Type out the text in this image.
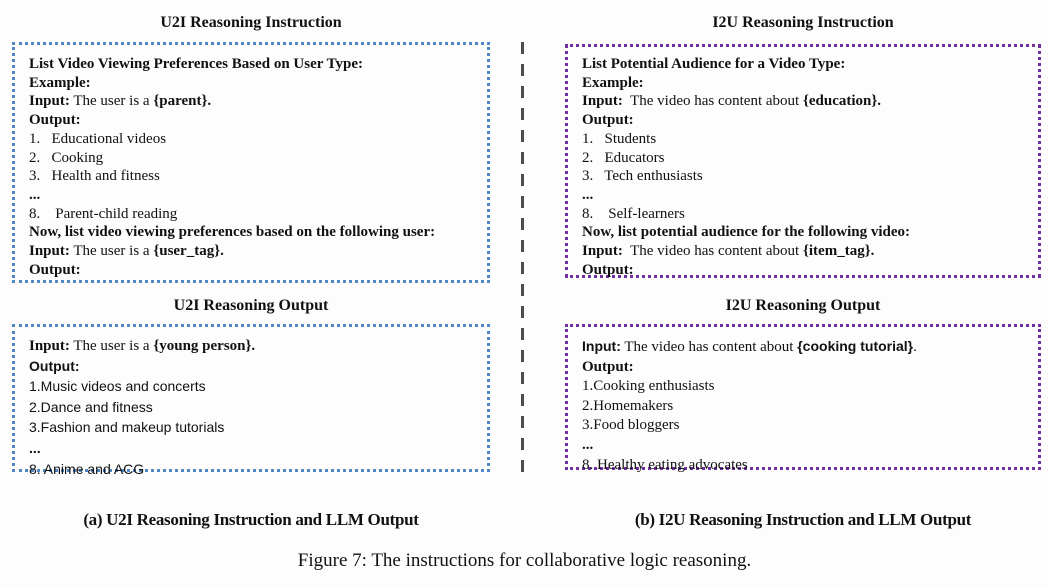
U2I Reasoning Instruction
List Video Viewing Preferences Based on User Type:
Example:
Input: The user is a {parent}.
Output:
1.   Educational videos
2.   Cooking
3.   Health and fitness
...
8.    Parent-child reading
Now, list video viewing preferences based on the following user:
Input: The user is a {user_tag}.
Output:
U2I Reasoning Output
Input: The user is a {young person}.
Output:
1.Music videos and concerts
2.Dance and fitness
3.Fashion and makeup tutorials
...
8. Anime and ACG
I2U Reasoning Instruction
List Potential Audience for a Video Type:
Example:
Input:  The video has content about {education}.
Output:
1.   Students
2.   Educators
3.   Tech enthusiasts
...
8.    Self-learners
Now, list potential audience for the following video:
Input:  The video has content about {item_tag}.
Output:
I2U Reasoning Output
Input: The video has content about {cooking tutorial}.
Output:
1.Cooking enthusiasts
2.Homemakers
3.Food bloggers
...
8. Healthy eating advocates
(a) U2I Reasoning Instruction and LLM Output	(b) I2U Reasoning Instruction and LLM Output
Figure 7: The instructions for collaborative logic reasoning.
